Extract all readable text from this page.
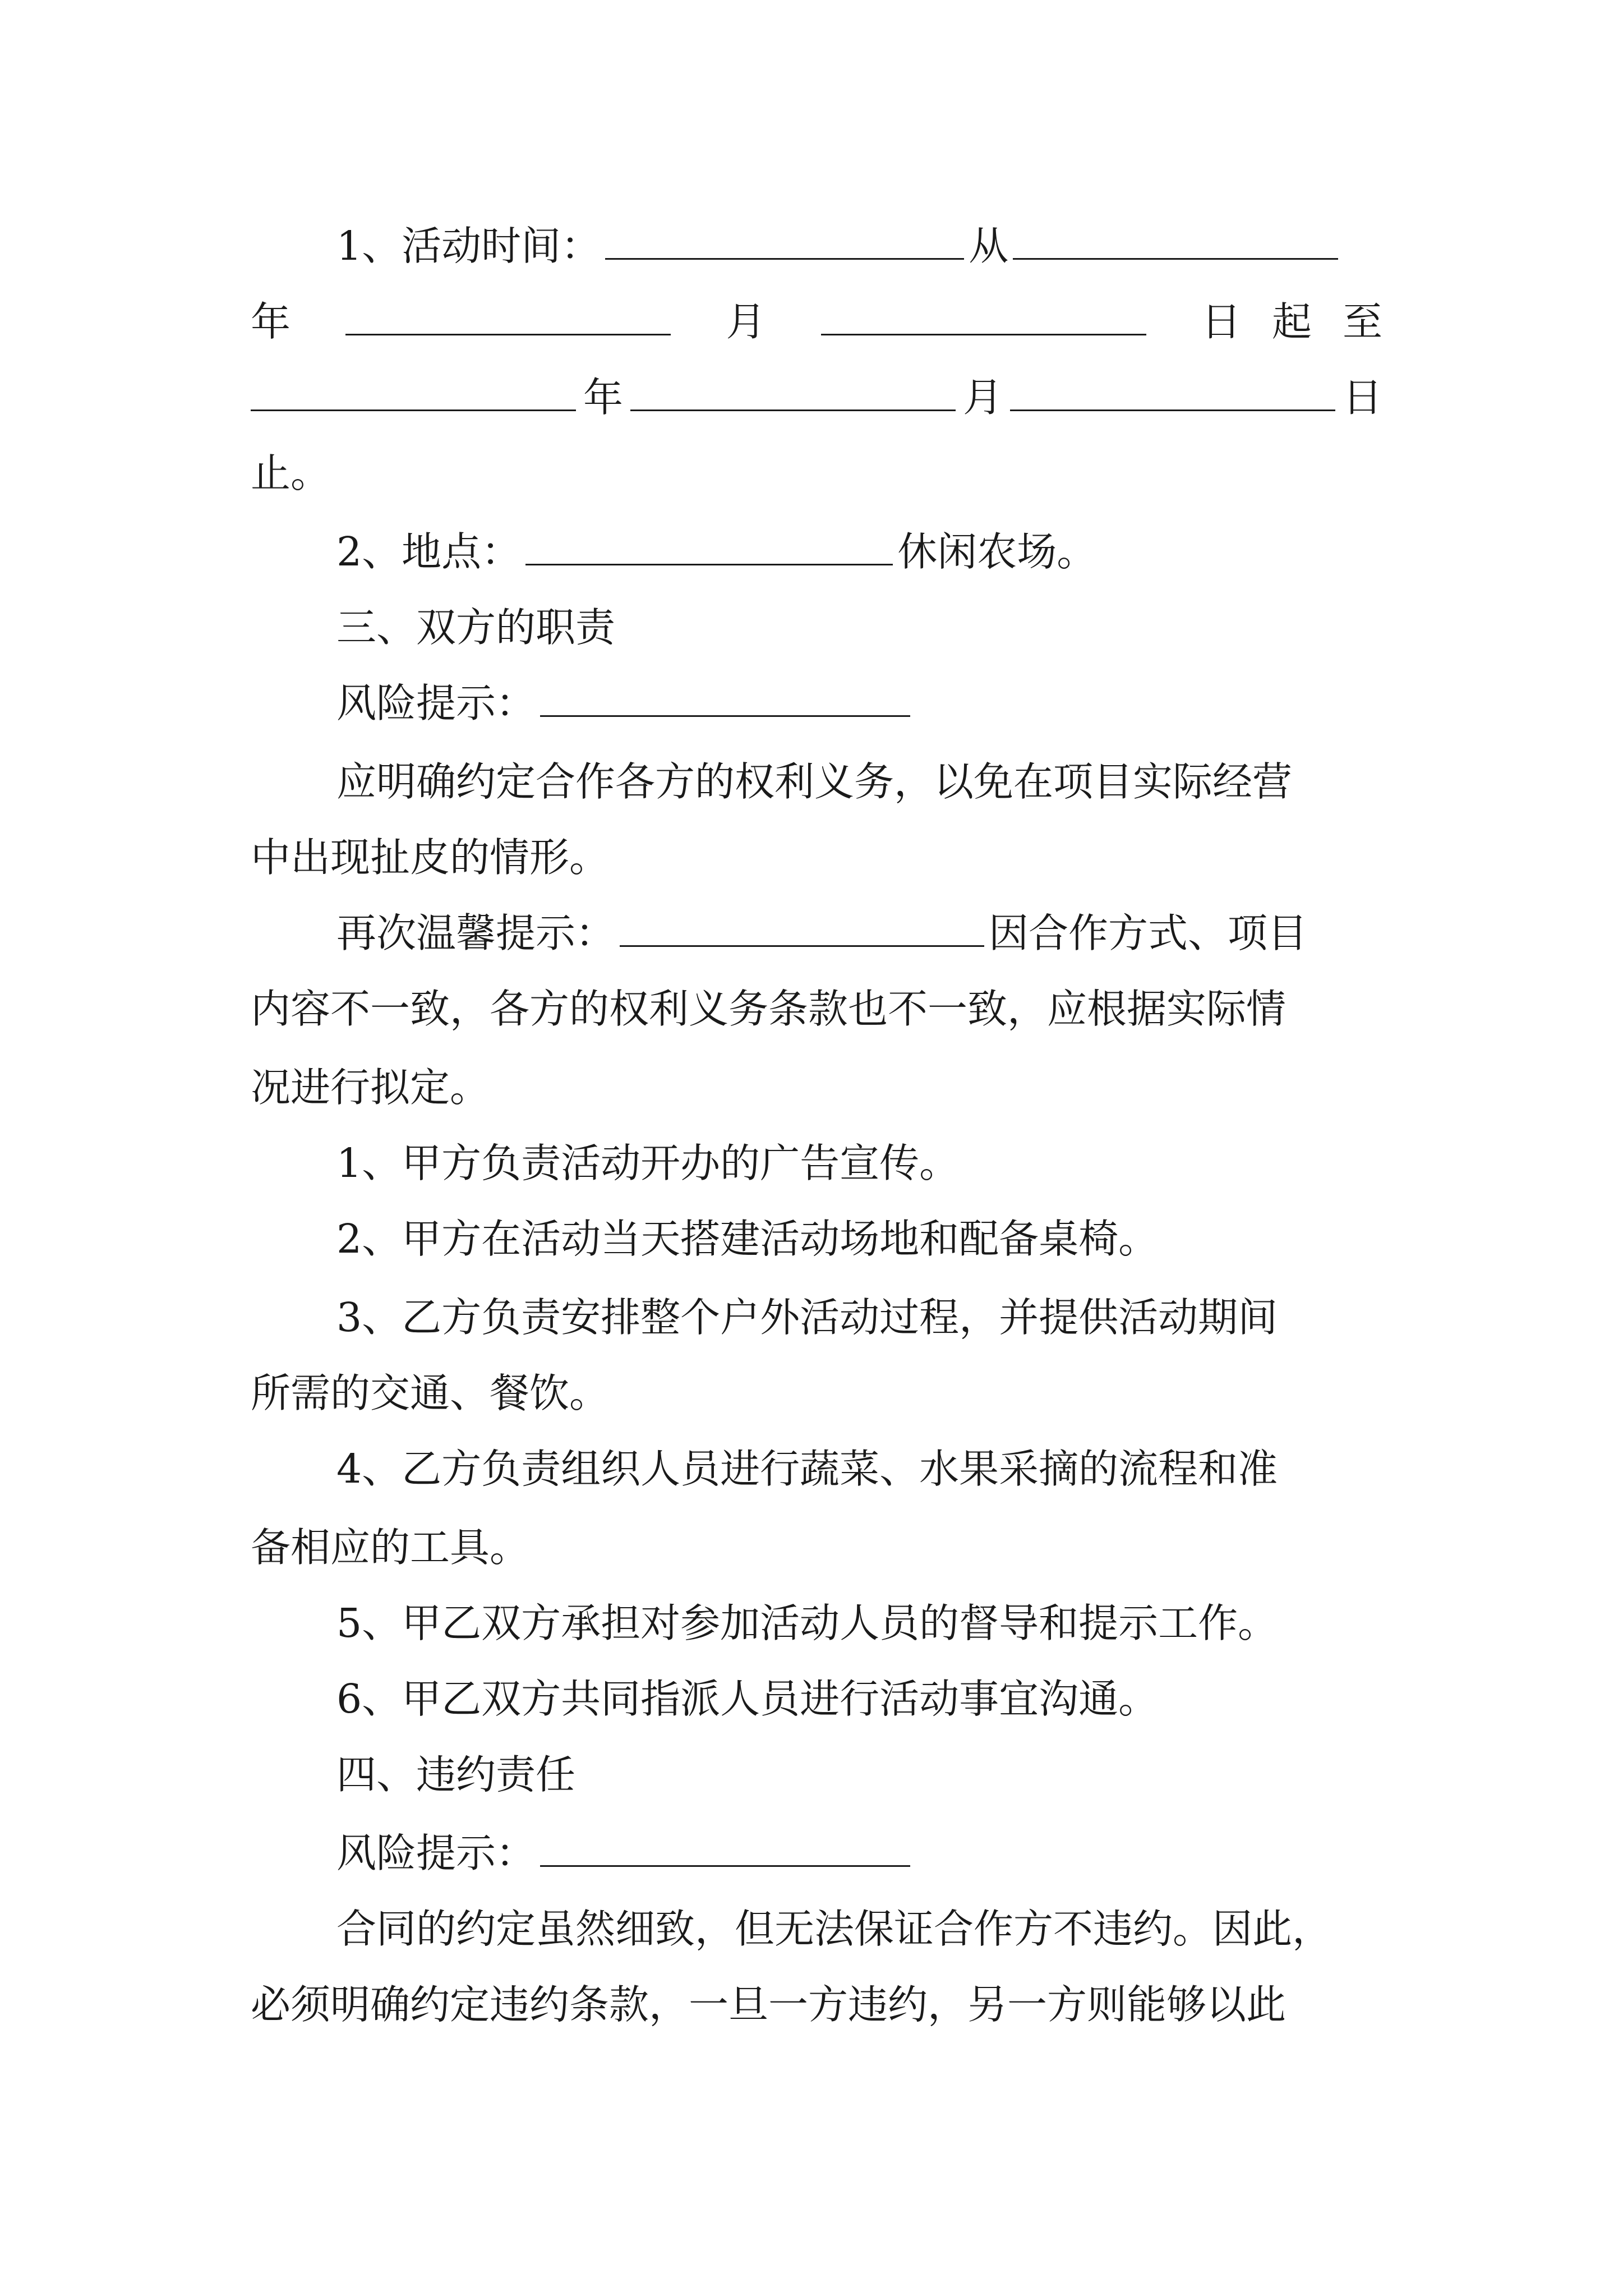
1、活动时间：	从
年	月	日起至
年	月	日
止。
2、地点：	休闲农场。
三、双方的职责
风险提示：
应明确约定合作各方的权利义务，以免在项目实际经营
中出现扯皮的情形。
再次温馨提示：	因合作方式、项目
内容不一致，各方的权利义务条款也不一致，应根据实际情
况进行拟定。
1、甲方负责活动开办的广告宣传。
2、甲方在活动当天搭建活动场地和配备桌椅。
3、乙方负责安排整个户外活动过程，并提供活动期间
所需的交通、餐饮。
4、乙方负责组织人员进行蔬菜、水果采摘的流程和准
备相应的工具。
5、甲乙双方承担对参加活动人员的督导和提示工作。
6、甲乙双方共同指派人员进行活动事宜沟通。
四、违约责任
风险提示：
合同的约定虽然细致，但无法保证合作方不违约。因此，
必须明确约定违约条款，一旦一方违约，另一方则能够以此
